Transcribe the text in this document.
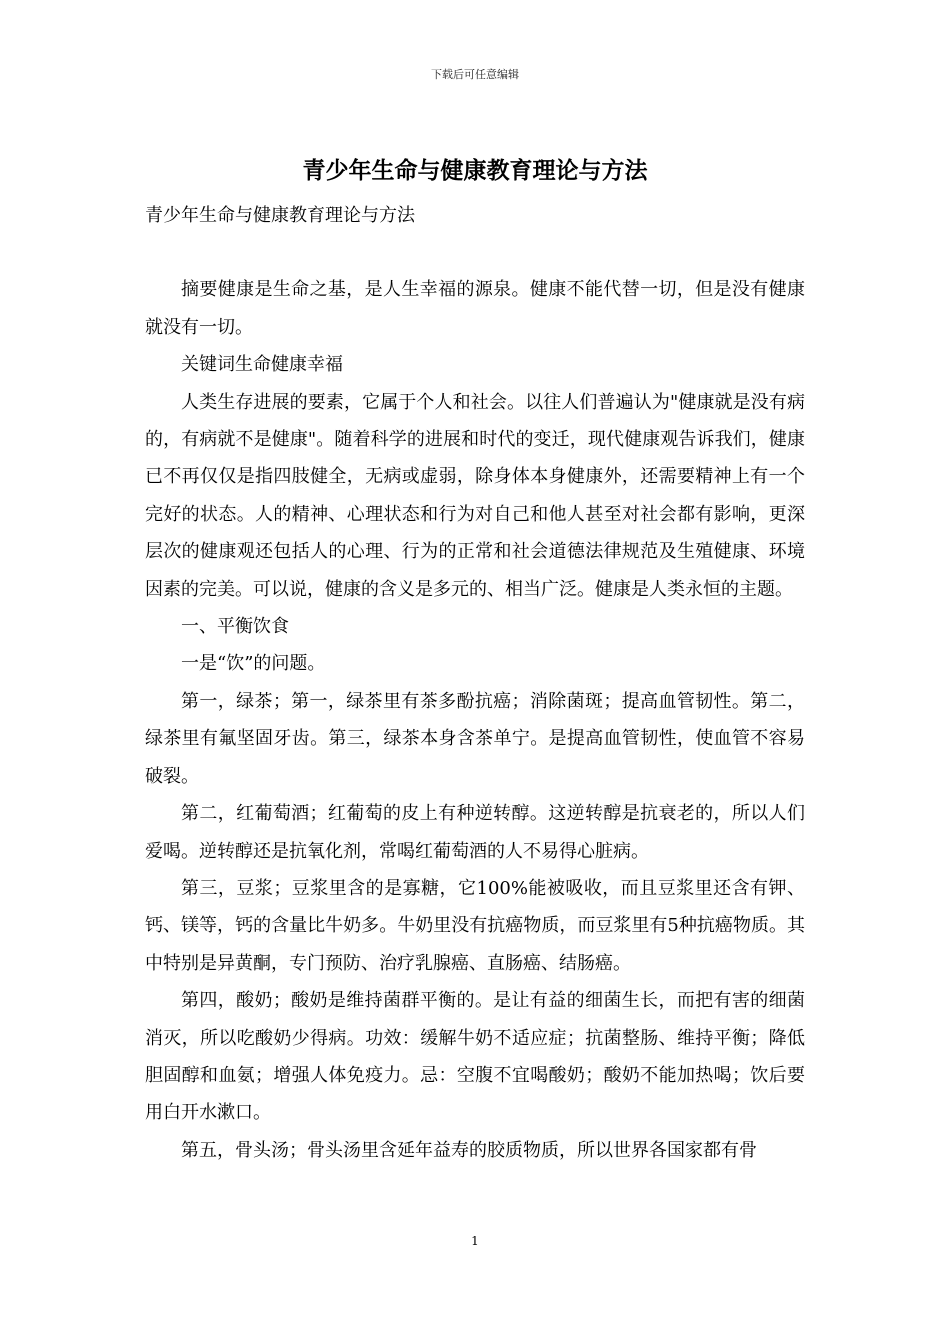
下载后可任意编辑
青少年生命与健康教育理论与方法

青少年生命与健康教育理论与方法

摘要健康是生命之基，是人生幸福的源泉。健康不能代替一切，但是没有健康就没有一切。

关键词生命健康幸福

人类生存进展的要素，它属于个人和社会。以往人们普遍认为"健康就是没有病的，有病就不是健康"。随着科学的进展和时代的变迁，现代健康观告诉我们，健康已不再仅仅是指四肢健全，无病或虚弱，除身体本身健康外，还需要精神上有一个完好的状态。人的精神、心理状态和行为对自己和他人甚至对社会都有影响，更深层次的健康观还包括人的心理、行为的正常和社会道德法律规范及生殖健康、环境因素的完美。可以说，健康的含义是多元的、相当广泛。健康是人类永恒的主题。

一、平衡饮食

一是“饮”的问题。

第一，绿茶；第一，绿茶里有茶多酚抗癌；消除菌斑；提高血管韧性。第二，绿茶里有氟坚固牙齿。第三，绿茶本身含茶单宁。是提高血管韧性，使血管不容易破裂。

第二，红葡萄酒；红葡萄的皮上有种逆转醇。这逆转醇是抗衰老的，所以人们爱喝。逆转醇还是抗氧化剂，常喝红葡萄酒的人不易得心脏病。

第三，豆浆；豆浆里含的是寡糖，它100%能被吸收，而且豆浆里还含有钾、钙、镁等，钙的含量比牛奶多。牛奶里没有抗癌物质，而豆浆里有5种抗癌物质。其中特别是异黄酮，专门预防、治疗乳腺癌、直肠癌、结肠癌。

第四，酸奶；酸奶是维持菌群平衡的。是让有益的细菌生长，而把有害的细菌消灭，所以吃酸奶少得病。功效：缓解牛奶不适应症；抗菌整肠、维持平衡；降低胆固醇和血氨；增强人体免疫力。忌：空腹不宜喝酸奶；酸奶不能加热喝；饮后要用白开水漱口。

第五，骨头汤；骨头汤里含延年益寿的胶质物质，所以世界各国家都有骨

1
